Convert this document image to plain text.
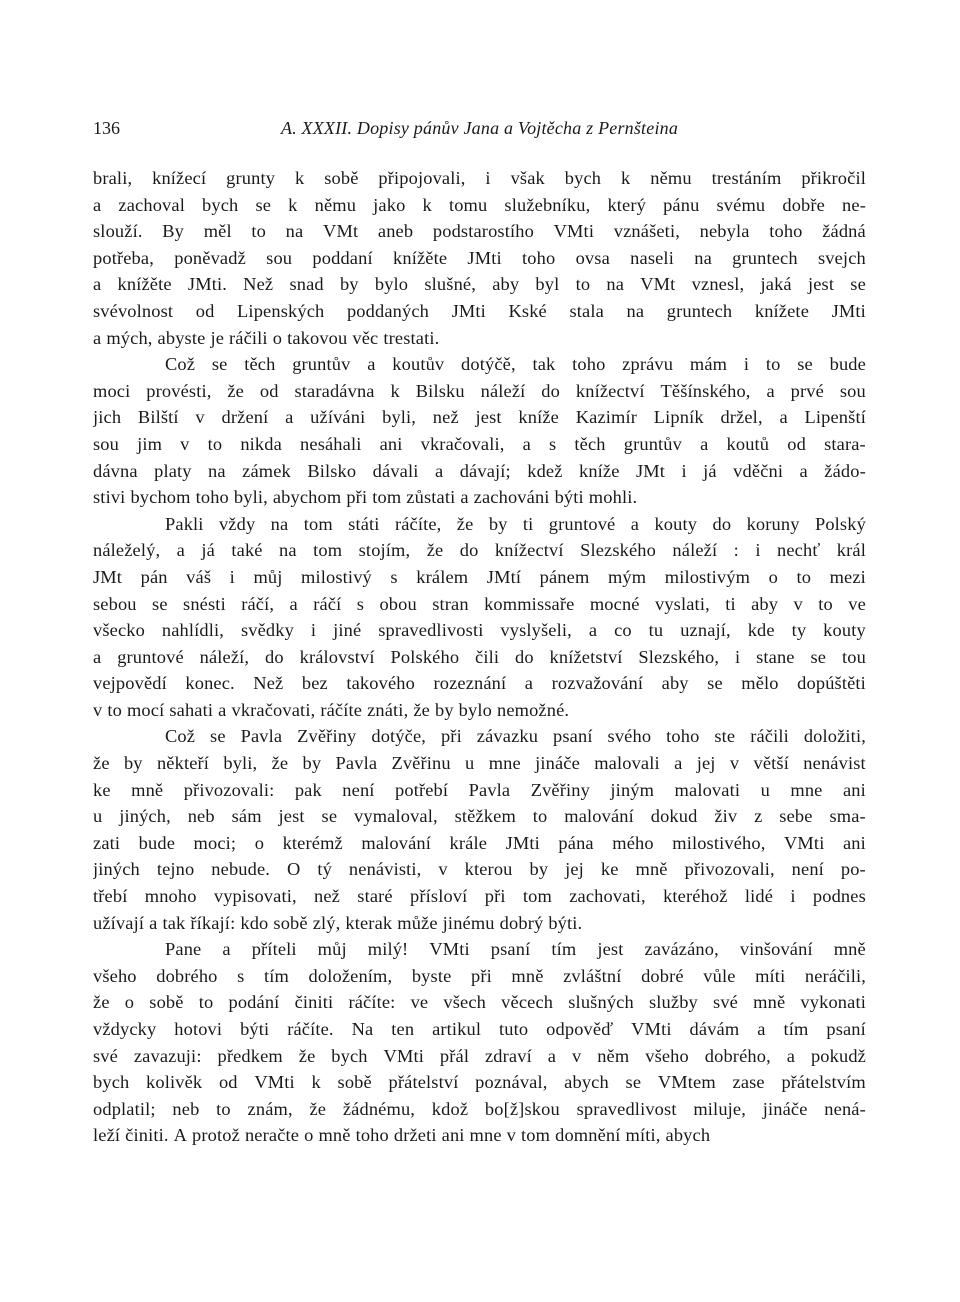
136	A. XXXII. Dopisy pánův Jana a Vojtěcha z Pernšteina
brali, knížecí grunty k sobě připojovali, i však bych k němu trestáním přikročil
a zachoval bych se k němu jako k tomu služebníku, který pánu svému dobře ne-
slouží. By měl to na VMt aneb podstarostího VMti vznášeti, nebyla toho žádná
potřeba, poněvadž sou poddaní knížěte JMti toho ovsa naseli na gruntech svejch
a knížěte JMti. Než snad by bylo slušné, aby byl to na VMt vznesl, jaká jest se
svévolnost od Lipenských poddaných JMti Kské stala na gruntech knížete JMti
a mých, abyste je ráčili o takovou věc trestati.
Což se těch gruntův a koutův dotýčě, tak toho zprávu mám i to se bude
moci provésti, že od staradávna k Bilsku náleží do knížectví Těšínského, a prvé sou
jich Bilští v držení a užíváni byli, než jest kníže Kazimír Lipník držel, a Lipenští
sou jim v to nikda nesáhali ani vkračovali, a s těch gruntův a koutů od stara-
dávna platy na zámek Bilsko dávali a dávají; kdež kníže JMt i já vděčni a žádo-
stivi bychom toho byli, abychom při tom zůstati a zachováni býti mohli.
Pakli vždy na tom státi ráčíte, že by ti gruntové a kouty do koruny Polský
náleželý, a já také na tom stojím, že do knížectví Slezského náleží : i nechť král
JMt pán váš i můj milostivý s králem JMtí pánem mým milostivým o to mezi
sebou se snésti ráčí, a ráčí s obou stran kommissaře mocné vyslati, ti aby v to ve
všecko nahlídli, svědky i jiné spravedlivosti vyslyšeli, a co tu uznají, kde ty kouty
a gruntové náleží, do království Polského čili do knížetství Slezského, i stane se tou
vejpovědí konec. Než bez takového rozeznání a rozvažování aby se mělo dopúštěti
v to mocí sahati a vkračovati, ráčíte znáti, že by bylo nemožné.
Což se Pavla Zvěřiny dotýče, při závazku psaní svého toho ste ráčili doložiti,
že by někteří byli, že by Pavla Zvěřinu u mne jináče malovali a jej v větší nenávist
ke mně přivozovali: pak není potřebí Pavla Zvěřiny jiným malovati u mne ani
u jiných, neb sám jest se vymaloval, stěžkem to malování dokud živ z sebe sma-
zati bude moci; o kterémž malování krále JMti pána mého milostivého, VMti ani
jiných tejno nebude. O tý nenávisti, v kterou by jej ke mně přivozovali, není po-
třebí mnoho vypisovati, než staré přísloví při tom zachovati, kteréhož lidé i podnes
užívají a tak říkají: kdo sobě zlý, kterak může jinému dobrý býti.
Pane a příteli můj milý! VMti psaní tím jest zavázáno, vinšování mně
všeho dobrého s tím doložením, byste při mně zvláštní dobré vůle míti neráčili,
že o sobě to podání činiti ráčíte: ve všech věcech slušných služby své mně vykonati
vždycky hotovi býti ráčíte. Na ten artikul tuto odpověď VMti dávám a tím psaní
své zavazuji: předkem že bych VMti přál zdraví a v něm všeho dobrého, a pokudž
bych kolivěk od VMti k sobě přátelství poznával, abych se VMtem zase přátelstvím
odplatil; neb to znám, že žádnému, kdož bo[ž]skou spravedlivost miluje, jináče nená-
leží činiti. A protož neračte o mně toho držeti ani mne v tom domnění míti, abych
